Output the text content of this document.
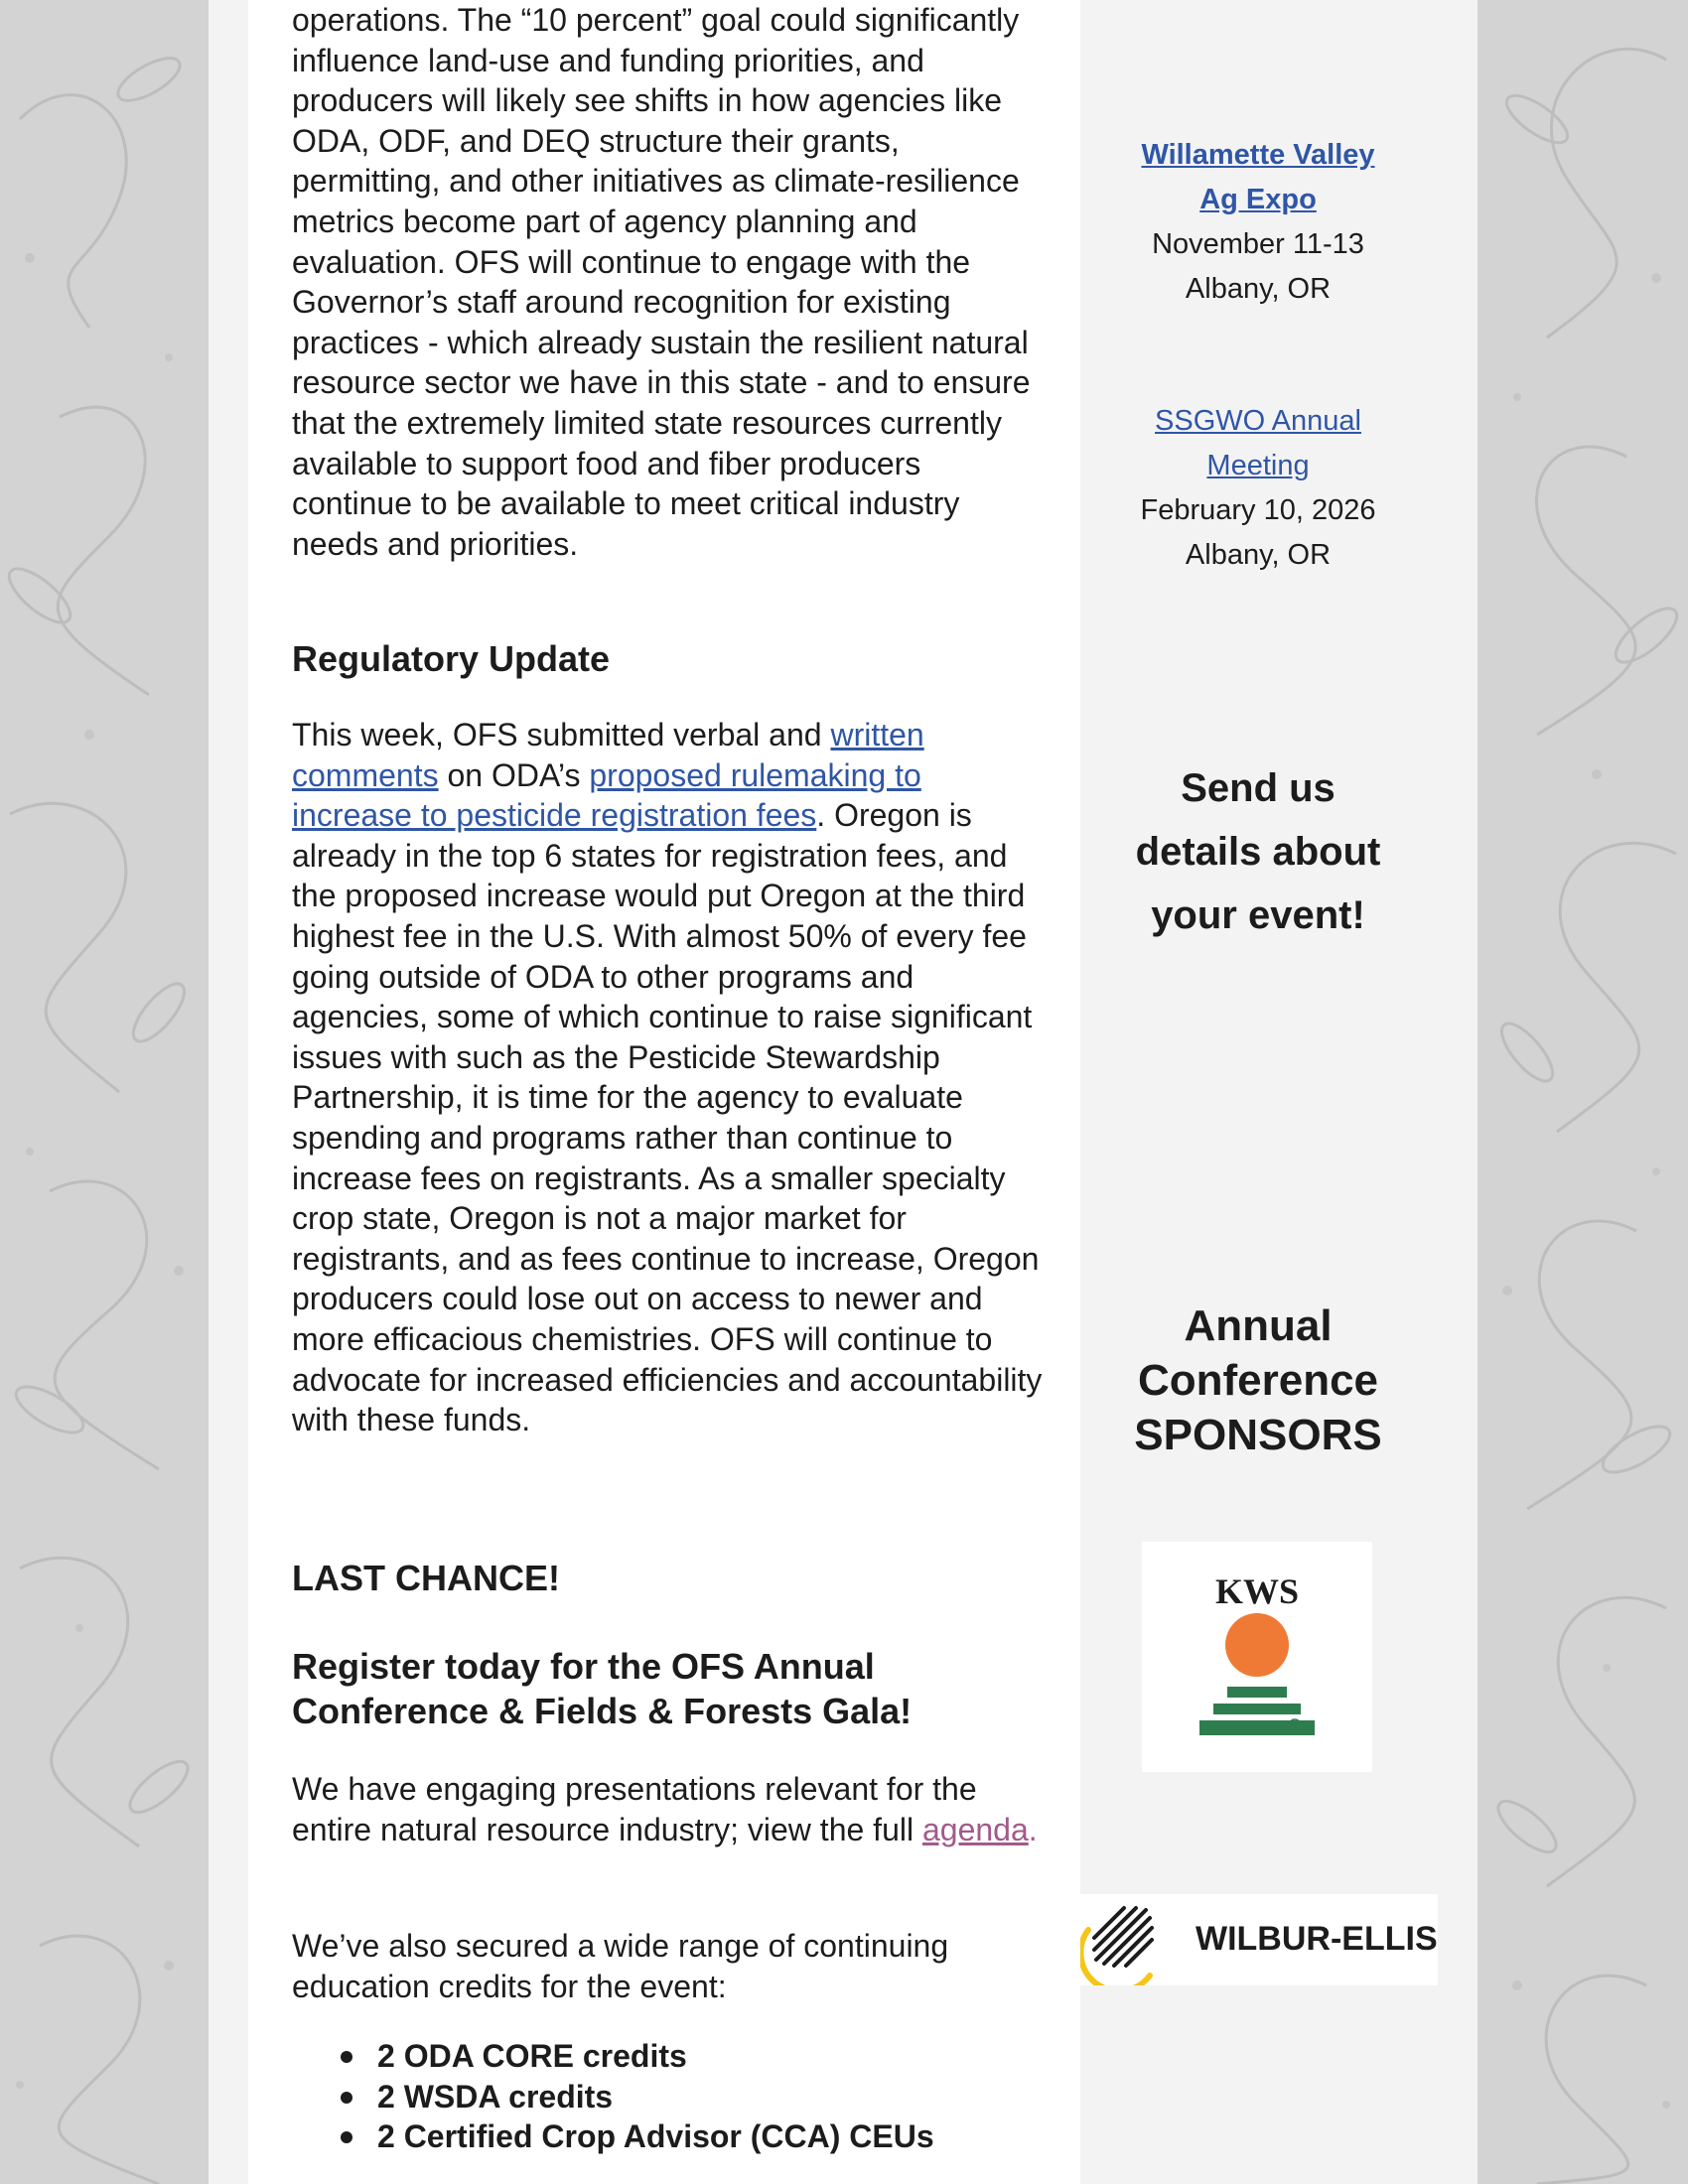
operations. The “10 percent” goal could significantly influence land-use and funding priorities, and producers will likely see shifts in how agencies like ODA, ODF, and DEQ structure their grants, permitting, and other initiatives as climate-resilience metrics become part of agency planning and evaluation. OFS will continue to engage with the Governor’s staff around recognition for existing practices - which already sustain the resilient natural resource sector we have in this state - and to ensure that the extremely limited state resources currently available to support food and fiber producers continue to be available to meet critical industry needs and priorities.

Regulatory Update

This week, OFS submitted verbal and written comments on ODA’s proposed rulemaking to increase to pesticide registration fees. Oregon is already in the top 6 states for registration fees, and the proposed increase would put Oregon at the third highest fee in the U.S. With almost 50% of every fee going outside of ODA to other programs and agencies, some of which continue to raise significant issues with such as the Pesticide Stewardship Partnership, it is time for the agency to evaluate spending and programs rather than continue to increase fees on registrants. As a smaller specialty crop state, Oregon is not a major market for registrants, and as fees continue to increase, Oregon producers could lose out on access to newer and more efficacious chemistries. OFS will continue to advocate for increased efficiencies and accountability with these funds.

LAST CHANCE!
Register today for the OFS Annual Conference & Fields & Forests Gala!

We have engaging presentations relevant for the entire natural resource industry; view the full agenda.

We’ve also secured a wide range of continuing education credits for the event:

2 ODA CORE credits
2 WSDA credits
2 Certified Crop Advisor (CCA) CEUs
Willamette Valley Ag Expo
November 11-13
Albany, OR
SSGWO Annual Meeting
February 10, 2026
Albany, OR
Send us details about your event!
Annual Conference SPONSORS
KWS
WILBUR-ELLIS
